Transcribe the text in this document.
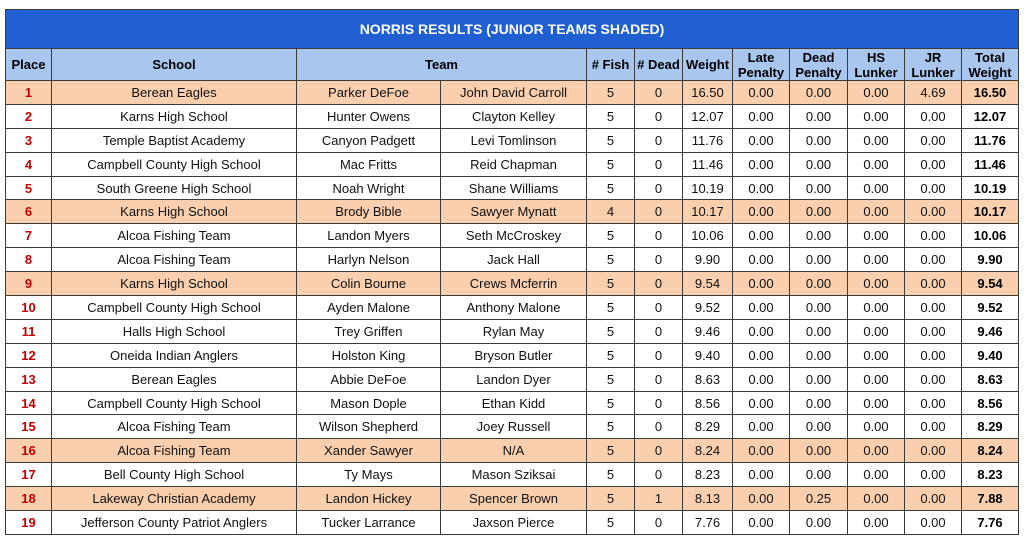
NORRIS RESULTS (JUNIOR TEAMS SHADED)											
Place	School	Team		# Fish	# Dead	Weight	Late Penalty	Dead Penalty	HS Lunker	JR Lunker	Total Weight
1	Berean Eagles	Parker DeFoe	John David Carroll	5	0	16.50	0.00	0.00	0.00	4.69	16.50
2	Karns High School	Hunter Owens	Clayton Kelley	5	0	12.07	0.00	0.00	0.00	0.00	12.07
3	Temple Baptist Academy	Canyon Padgett	Levi Tomlinson	5	0	11.76	0.00	0.00	0.00	0.00	11.76
4	Campbell County High School	Mac Fritts	Reid Chapman	5	0	11.46	0.00	0.00	0.00	0.00	11.46
5	South Greene High School	Noah Wright	Shane Williams	5	0	10.19	0.00	0.00	0.00	0.00	10.19
6	Karns High School	Brody Bible	Sawyer Mynatt	4	0	10.17	0.00	0.00	0.00	0.00	10.17
7	Alcoa Fishing Team	Landon Myers	Seth McCroskey	5	0	10.06	0.00	0.00	0.00	0.00	10.06
8	Alcoa Fishing Team	Harlyn Nelson	Jack Hall	5	0	9.90	0.00	0.00	0.00	0.00	9.90
9	Karns High School	Colin Bourne	Crews Mcferrin	5	0	9.54	0.00	0.00	0.00	0.00	9.54
10	Campbell County High School	Ayden Malone	Anthony Malone	5	0	9.52	0.00	0.00	0.00	0.00	9.52
11	Halls High School	Trey Griffen	Rylan May	5	0	9.46	0.00	0.00	0.00	0.00	9.46
12	Oneida Indian Anglers	Holston King	Bryson Butler	5	0	9.40	0.00	0.00	0.00	0.00	9.40
13	Berean Eagles	Abbie DeFoe	Landon Dyer	5	0	8.63	0.00	0.00	0.00	0.00	8.63
14	Campbell County High School	Mason Dople	Ethan Kidd	5	0	8.56	0.00	0.00	0.00	0.00	8.56
15	Alcoa Fishing Team	Wilson Shepherd	Joey Russell	5	0	8.29	0.00	0.00	0.00	0.00	8.29
16	Alcoa Fishing Team	Xander Sawyer	N/A	5	0	8.24	0.00	0.00	0.00	0.00	8.24
17	Bell County High School	Ty Mays	Mason Sziksai	5	0	8.23	0.00	0.00	0.00	0.00	8.23
18	Lakeway Christian Academy	Landon Hickey	Spencer Brown	5	1	8.13	0.00	0.25	0.00	0.00	7.88
19	Jefferson County Patriot Anglers	Tucker Larrance	Jaxson Pierce	5	0	7.76	0.00	0.00	0.00	0.00	7.76
